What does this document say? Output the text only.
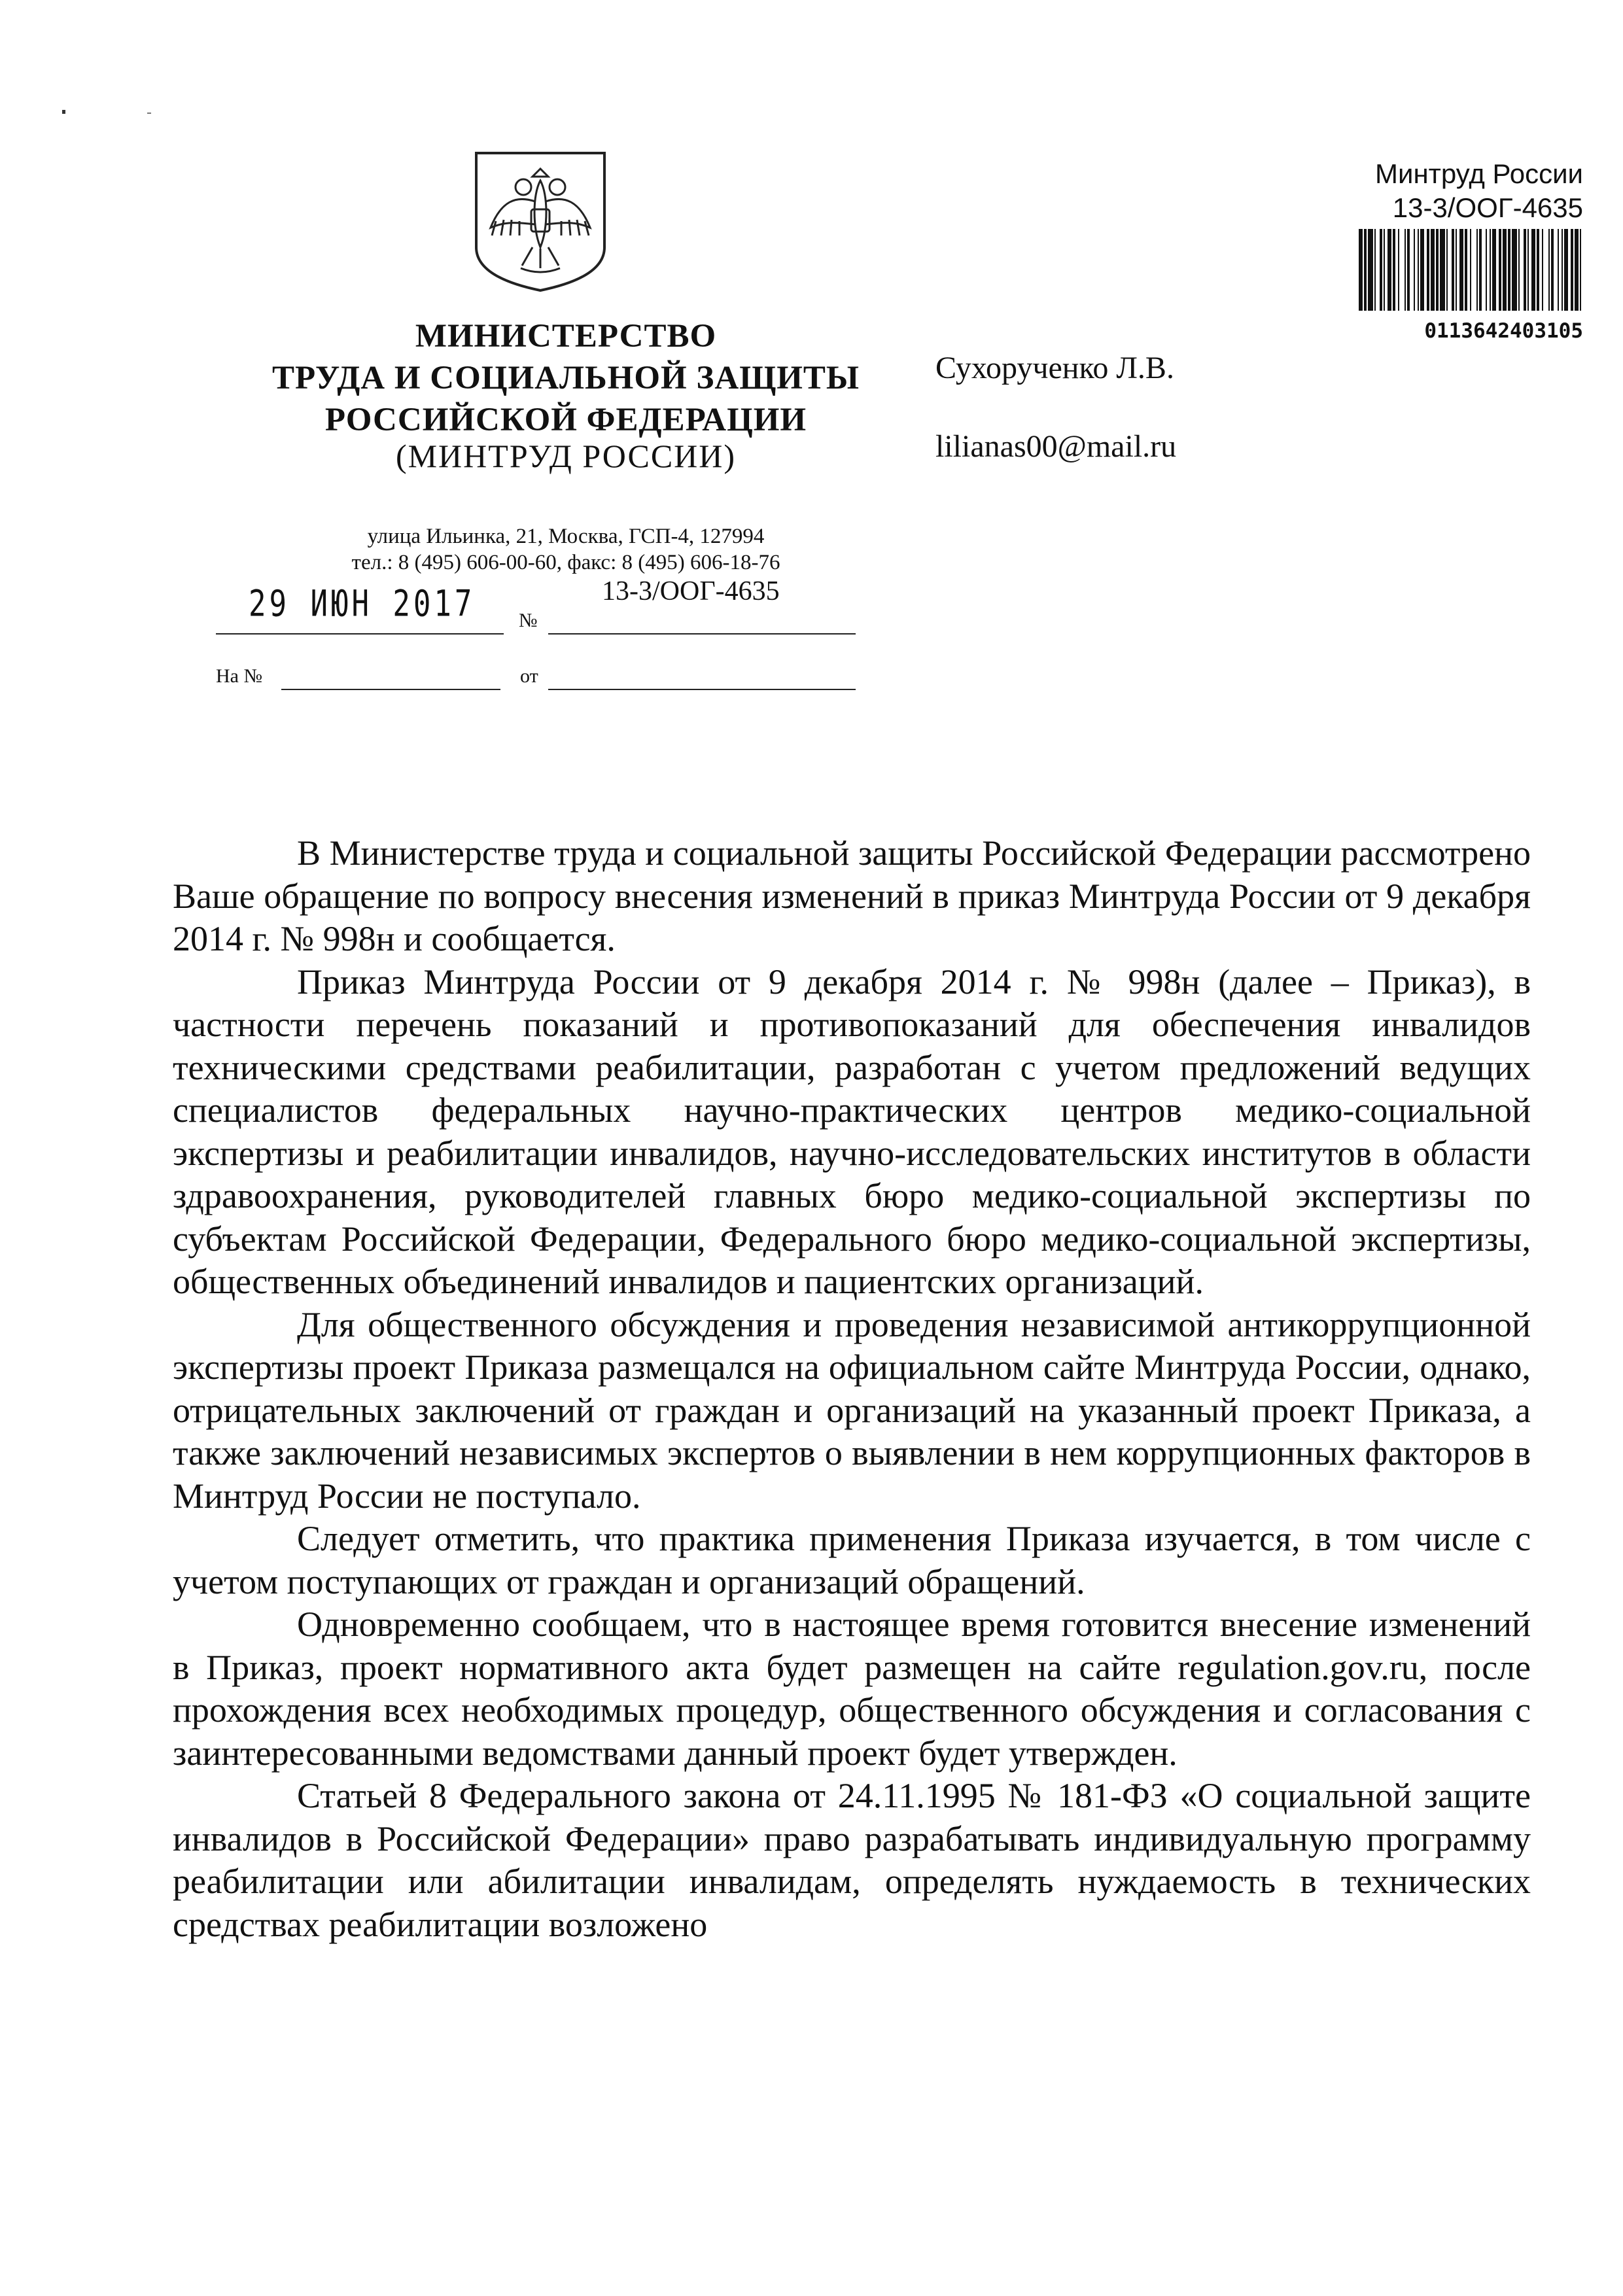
МИНИСТЕРСТВО
ТРУДА И СОЦИАЛЬНОЙ ЗАЩИТЫ
РОССИЙСКОЙ ФЕДЕРАЦИИ
(МИНТРУД РОССИИ)
улица Ильинка, 21, Москва, ГСП-4, 127994
тел.: 8 (495) 606-00-60, факс: 8 (495) 606-18-76
29 ИЮН 2017 №
13-3/ООГ-4635
На №	от
Сухорученко Л.В.
lilianas00@mail.ru
Минтруд России
13-3/ООГ-4635
0113642403105

В Министерстве труда и социальной защиты Российской Федерации рассмотрено Ваше обращение по вопросу внесения изменений в приказ Минтруда России от 9 декабря 2014 г. № 998н и сообщается.

Приказ Минтруда России от 9 декабря 2014 г. № 998н (далее – Приказ), в частности перечень показаний и противопоказаний для обеспечения инвалидов техническими средствами реабилитации, разработан с учетом предложений ведущих специалистов федеральных научно-практических центров медико-социальной экспертизы и реабилитации инвалидов, научно-исследовательских институтов в области здравоохранения, руководителей главных бюро медико-социальной экспертизы по субъектам Российской Федерации, Федерального бюро медико-социальной экспертизы, общественных объединений инвалидов и пациентских организаций.

Для общественного обсуждения и проведения независимой антикоррупционной экспертизы проект Приказа размещался на официальном сайте Минтруда России, однако, отрицательных заключений от граждан и организаций на указанный проект Приказа, а также заключений независимых экспертов о выявлении в нем коррупционных факторов в Минтруд России не поступало.

Следует отметить, что практика применения Приказа изучается, в том числе с учетом поступающих от граждан и организаций обращений.

Одновременно сообщаем, что в настоящее время готовится внесение изменений в Приказ, проект нормативного акта будет размещен на сайте regulation.gov.ru, после прохождения всех необходимых процедур, общественного обсуждения и согласования с заинтересованными ведомствами данный проект будет утвержден.

Статьей 8 Федерального закона от 24.11.1995 № 181-ФЗ «О социальной защите инвалидов в Российской Федерации» право разрабатывать индивидуальную программу реабилитации или абилитации инвалидам, определять нуждаемость в технических средствах реабилитации возложено
